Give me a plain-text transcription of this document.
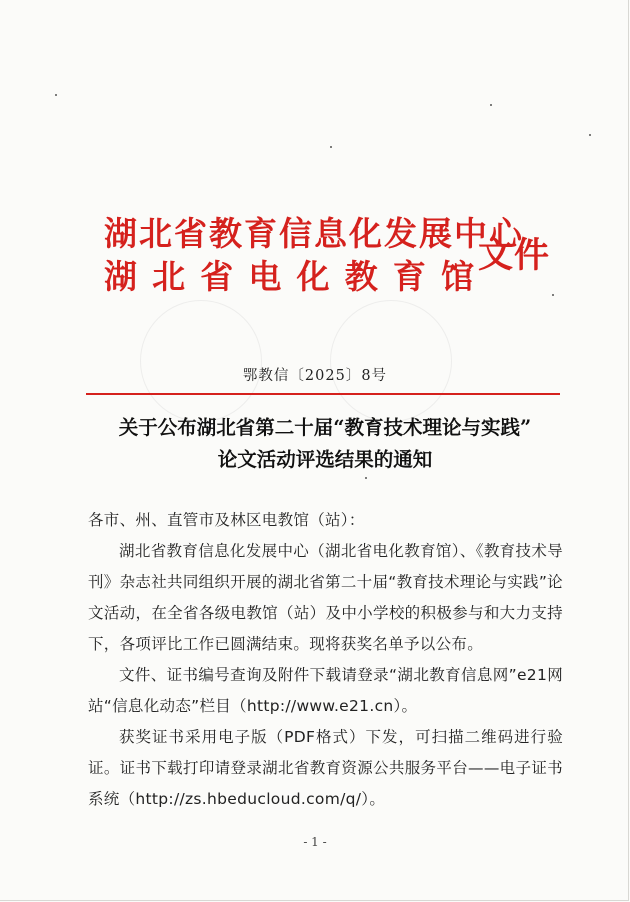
湖北省教育信息化发展中心
湖 北 省 电 化 教 育 馆
文件
鄂教信〔2025〕8号
关于公布湖北省第二十届“教育技术理论与实践”
论文活动评选结果的通知

各市、州、直管市及林区电教馆（站）：

湖北省教育信息化发展中心（湖北省电化教育馆）、《教育技术导刊》杂志社共同组织开展的湖北省第二十届“教育技术理论与实践”论文活动，在全省各级电教馆（站）及中小学校的积极参与和大力支持下，各项评比工作已圆满结束。现将获奖名单予以公布。

文件、证书编号查询及附件下载请登录“湖北教育信息网”e21网站“信息化动态”栏目（http://www.e21.cn）。

获奖证书采用电子版（PDF格式）下发，可扫描二维码进行验证。证书下载打印请登录湖北省教育资源公共服务平台——电子证书系统（http://zs.hbeducloud.com/q/）。

- 1 -
